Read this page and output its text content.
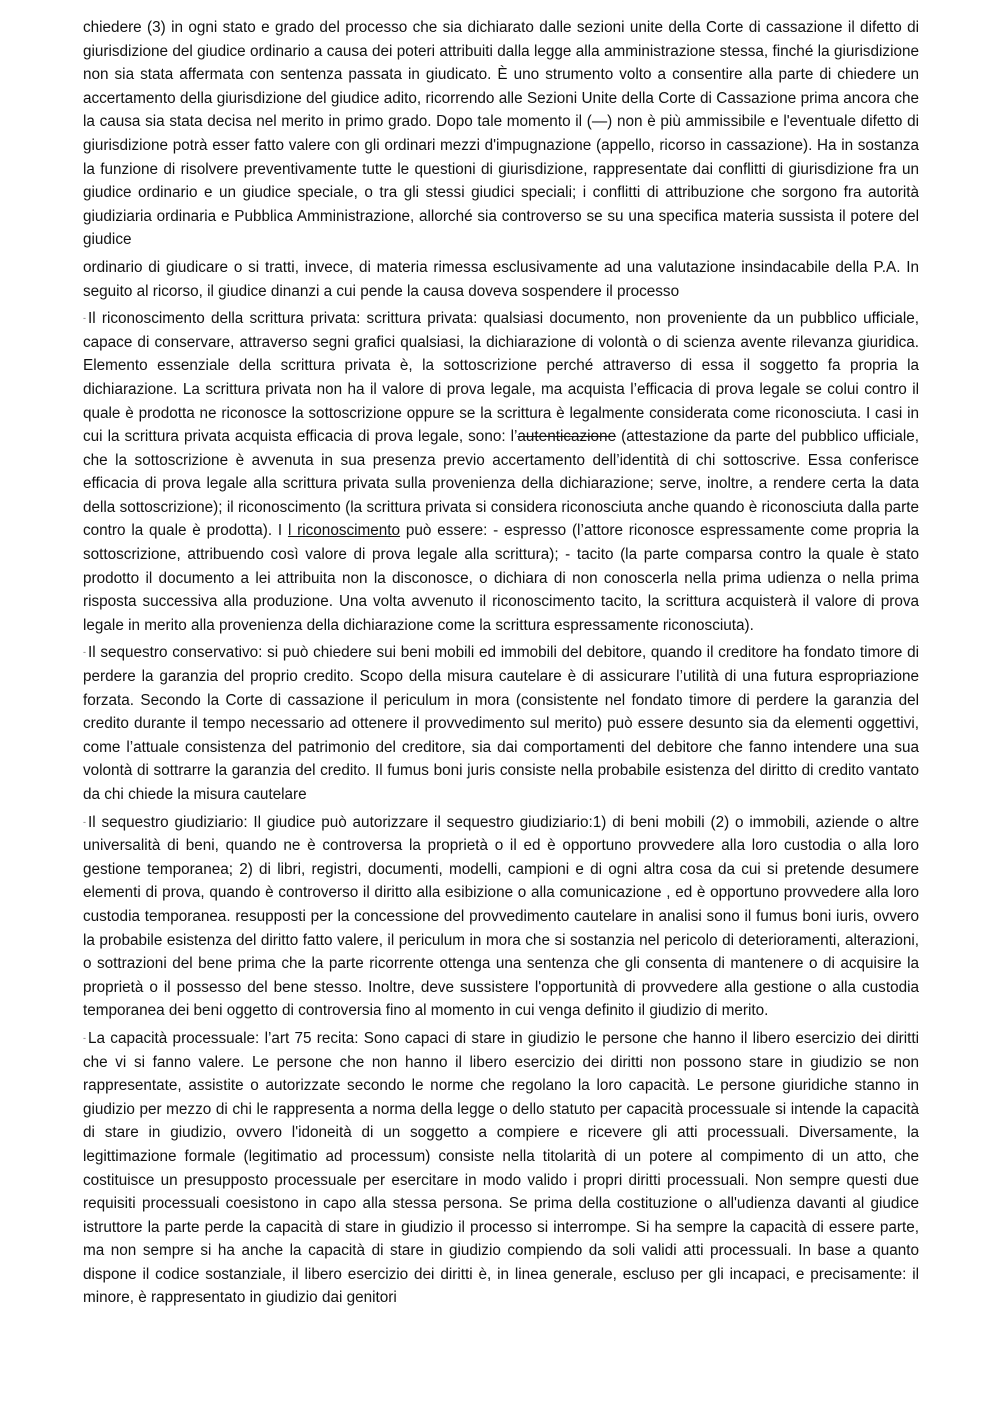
chiedere (3) in ogni stato e grado del processo che sia dichiarato dalle sezioni unite della Corte di cassazione il difetto di giurisdizione del giudice ordinario a causa dei poteri attribuiti dalla legge alla amministrazione stessa, finché la giurisdizione non sia stata affermata con sentenza passata in giudicato. È uno strumento volto a consentire alla parte di chiedere un accertamento della giurisdizione del giudice adito, ricorrendo alle Sezioni Unite della Corte di Cassazione prima ancora che la causa sia stata decisa nel merito in primo grado. Dopo tale momento il (—) non è più ammissibile e l'eventuale difetto di giurisdizione potrà esser fatto valere con gli ordinari mezzi d'impugnazione (appello, ricorso in cassazione). Ha in sostanza la funzione di risolvere preventivamente tutte le questioni di giurisdizione, rappresentate dai conflitti di giurisdizione fra un giudice ordinario e un giudice speciale, o tra gli stessi giudici speciali; i conflitti di attribuzione che sorgono fra autorità giudiziaria ordinaria e Pubblica Amministrazione, allorché sia controverso se su una specifica materia sussista il potere del giudice

ordinario di giudicare o si tratti, invece, di materia rimessa esclusivamente ad una valutazione insindacabile della P.A. In seguito al ricorso, il giudice dinanzi a cui pende la causa doveva sospendere il processo

- Il riconoscimento della scrittura privata: scrittura privata: qualsiasi documento, non proveniente da un pubblico ufficiale, capace di conservare, attraverso segni grafici qualsiasi, la dichiarazione di volontà o di scienza avente rilevanza giuridica. Elemento essenziale della scrittura privata è, la sottoscrizione perché attraverso di essa il soggetto fa propria la dichiarazione. La scrittura privata non ha il valore di prova legale, ma acquista l’efficacia di prova legale se colui contro il quale è prodotta ne riconosce la sottoscrizione oppure se la scrittura è legalmente considerata come riconosciuta. I casi in cui la scrittura privata acquista efficacia di prova legale, sono: l’autenticazione (attestazione da parte del pubblico ufficiale, che la sottoscrizione è avvenuta in sua presenza previo accertamento dell’identità di chi sottoscrive. Essa conferisce efficacia di prova legale alla scrittura privata sulla provenienza della dichiarazione; serve, inoltre, a rendere certa la data della sottoscrizione); il riconoscimento (la scrittura privata si considera riconosciuta anche quando è riconosciuta dalla parte contro la quale è prodotta). I l riconoscimento può essere: - espresso (l’attore riconosce espressamente come propria la sottoscrizione, attribuendo così valore di prova legale alla scrittura); - tacito (la parte comparsa contro la quale è stato prodotto il documento a lei attribuita non la disconosce, o dichiara di non conoscerla nella prima udienza o nella prima risposta successiva alla produzione. Una volta avvenuto il riconoscimento tacito, la scrittura acquisterà il valore di prova legale in merito alla provenienza della dichiarazione come la scrittura espressamente riconosciuta).

- Il sequestro conservativo: si può chiedere sui beni mobili ed immobili del debitore, quando il creditore ha fondato timore di perdere la garanzia del proprio credito. Scopo della misura cautelare è di assicurare l’utilità di una futura espropriazione forzata. Secondo la Corte di cassazione il periculum in mora (consistente nel fondato timore di perdere la garanzia del credito durante il tempo necessario ad ottenere il provvedimento sul merito) può essere desunto sia da elementi oggettivi, come l’attuale consistenza del patrimonio del creditore, sia dai comportamenti del debitore che fanno intendere una sua volontà di sottrarre la garanzia del credito. Il fumus boni juris consiste nella probabile esistenza del diritto di credito vantato da chi chiede la misura cautelare

- Il sequestro giudiziario: Il giudice può autorizzare il sequestro giudiziario:1) di beni mobili (2) o immobili, aziende o altre universalità di beni, quando ne è controversa la proprietà o il ed è opportuno provvedere alla loro custodia o alla loro gestione temporanea; 2) di libri, registri, documenti, modelli, campioni e di ogni altra cosa da cui si pretende desumere elementi di prova, quando è controverso il diritto alla esibizione o alla comunicazione , ed è opportuno provvedere alla loro custodia temporanea. resupposti per la concessione del provvedimento cautelare in analisi sono il fumus boni iuris, ovvero la probabile esistenza del diritto fatto valere, il periculum in mora che si sostanzia nel pericolo di deterioramenti, alterazioni, o sottrazioni del bene prima che la parte ricorrente ottenga una sentenza che gli consenta di mantenere o di acquisire la proprietà o il possesso del bene stesso. Inoltre, deve sussistere l'opportunità di provvedere alla gestione o alla custodia temporanea dei beni oggetto di controversia fino al momento in cui venga definito il giudizio di merito.

- La capacità processuale: l’art 75 recita: Sono capaci di stare in giudizio le persone che hanno il libero esercizio dei diritti che vi si fanno valere. Le persone che non hanno il libero esercizio dei diritti non possono stare in giudizio se non rappresentate, assistite o autorizzate secondo le norme che regolano la loro capacità. Le persone giuridiche stanno in giudizio per mezzo di chi le rappresenta a norma della legge o dello statuto per capacità processuale si intende la capacità di stare in giudizio, ovvero l'idoneità di un soggetto a compiere e ricevere gli atti processuali. Diversamente, la legittimazione formale (legitimatio ad processum) consiste nella titolarità di un potere al compimento di un atto, che costituisce un presupposto processuale per esercitare in modo valido i propri diritti processuali. Non sempre questi due requisiti processuali coesistono in capo alla stessa persona. Se prima della costituzione o all'udienza davanti al giudice istruttore la parte perde la capacità di stare in giudizio il processo si interrompe. Si ha sempre la capacità di essere parte, ma non sempre si ha anche la capacità di stare in giudizio compiendo da soli validi atti processuali. In base a quanto dispone il codice sostanziale, il libero esercizio dei diritti è, in linea generale, escluso per gli incapaci, e precisamente: il minore, è rappresentato in giudizio dai genitori
